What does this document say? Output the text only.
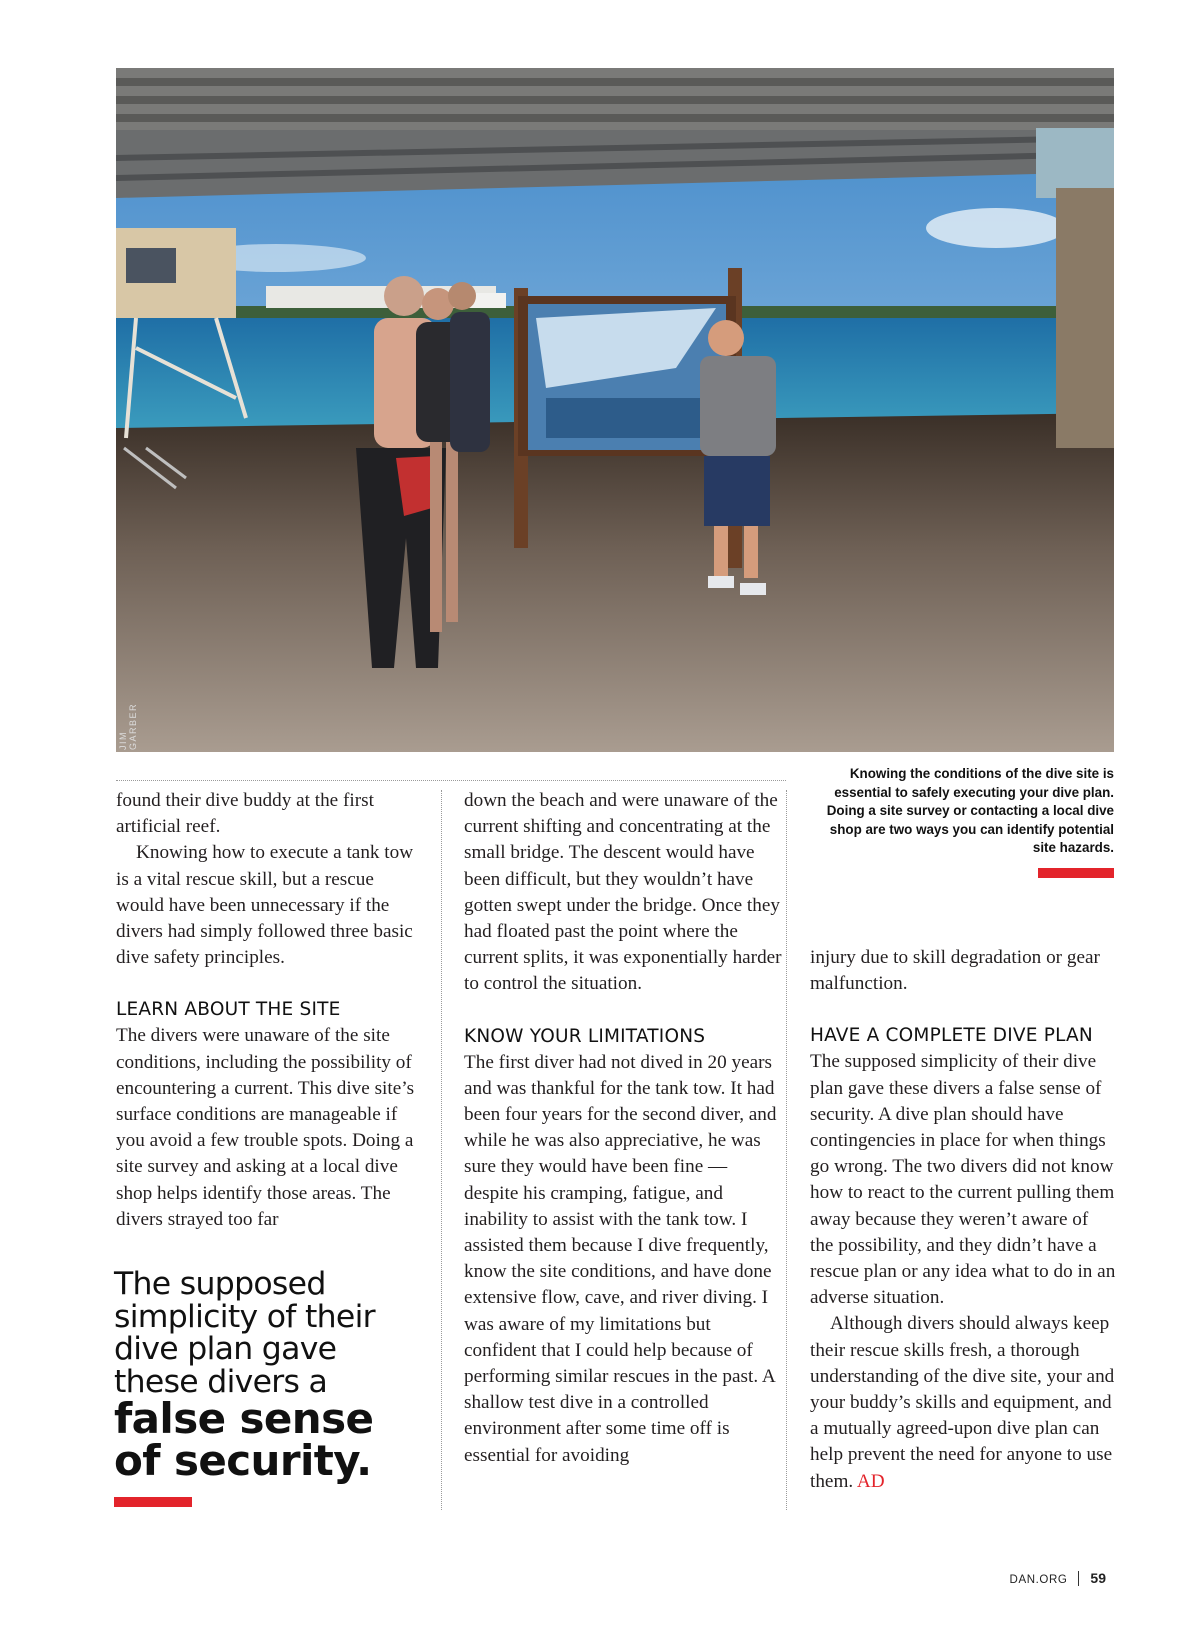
JIM GARBER
Knowing the conditions of the dive site is essential to safely executing your dive plan. Doing a site survey or contacting a local dive shop are two ways you can identify potential site hazards.

found their dive buddy at the first artificial reef.

Knowing how to execute a tank tow is a vital rescue skill, but a rescue would have been unnecessary if the divers had simply followed three basic dive safety principles.

LEARN ABOUT THE SITE

The divers were unaware of the site conditions, including the possibility of encountering a current. This dive site’s surface conditions are manageable if you avoid a few trouble spots. Doing a site survey and asking at a local dive shop helps identify those areas. The divers strayed too far

The supposed
simplicity of their
dive plan gave
these divers a
false sense
of security.

down the beach and were unaware of the current shifting and concentrating at the small bridge. The descent would have been difficult, but they wouldn’t have gotten swept under the bridge. Once they had floated past the point where the current splits, it was exponentially harder to control the situation.

KNOW YOUR LIMITATIONS

The first diver had not dived in 20 years and was thankful for the tank tow. It had been four years for the second diver, and while he was also appreciative, he was sure they would have been fine — despite his cramping, fatigue, and inability to assist with the tank tow. I assisted them because I dive frequently, know the site conditions, and have done extensive flow, cave, and river diving. I was aware of my limitations but confident that I could help because of performing similar rescues in the past. A shallow test dive in a controlled environment after some time off is essential for avoiding

injury due to skill degradation or gear malfunction.

HAVE A COMPLETE DIVE PLAN

The supposed simplicity of their dive plan gave these divers a false sense of security. A dive plan should have contingencies in place for when things go wrong. The two divers did not know how to react to the current pulling them away because they weren’t aware of the possibility, and they didn’t have a rescue plan or any idea what to do in an adverse situation.

Although divers should always keep their rescue skills fresh, a thorough understanding of the dive site, your and your buddy’s skills and equipment, and a mutually agreed-upon dive plan can help prevent the need for anyone to use them. AD

DAN.ORG 59
